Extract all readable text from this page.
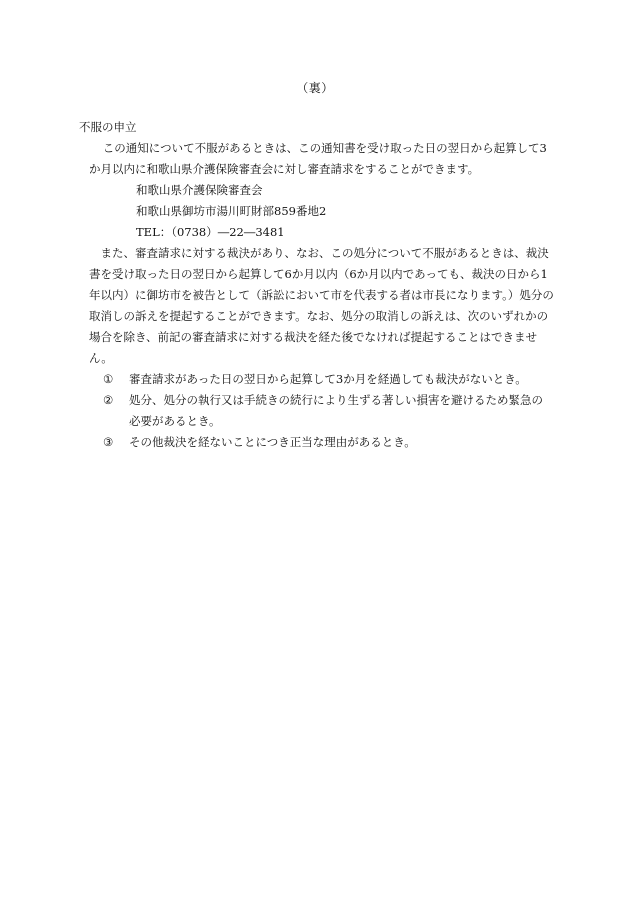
（裏）
不服の申立

この通知について不服があるときは、この通知書を受け取った日の翌日から起算して3か月以内に和歌山県介護保険審査会に対し審査請求をすることができます。

和歌山県介護保険審査会
和歌山県御坊市湯川町財部859番地2
TEL：（0738）―22―3481

また、審査請求に対する裁決があり、なお、この処分について不服があるときは、裁決書を受け取った日の翌日から起算して6か月以内（6か月以内であっても、裁決の日から1年以内）に御坊市を被告として（訴訟において市を代表する者は市長になります。）処分の取消しの訴えを提起することができます。なお、処分の取消しの訴えは、次のいずれかの場合を除き、前記の審査請求に対する裁決を経た後でなければ提起することはできません。

① 審査請求があった日の翌日から起算して3か月を経過しても裁決がないとき。
② 処分、処分の執行又は手続きの続行により生ずる著しい損害を避けるため緊急の必要があるとき。
③ その他裁決を経ないことにつき正当な理由があるとき。
